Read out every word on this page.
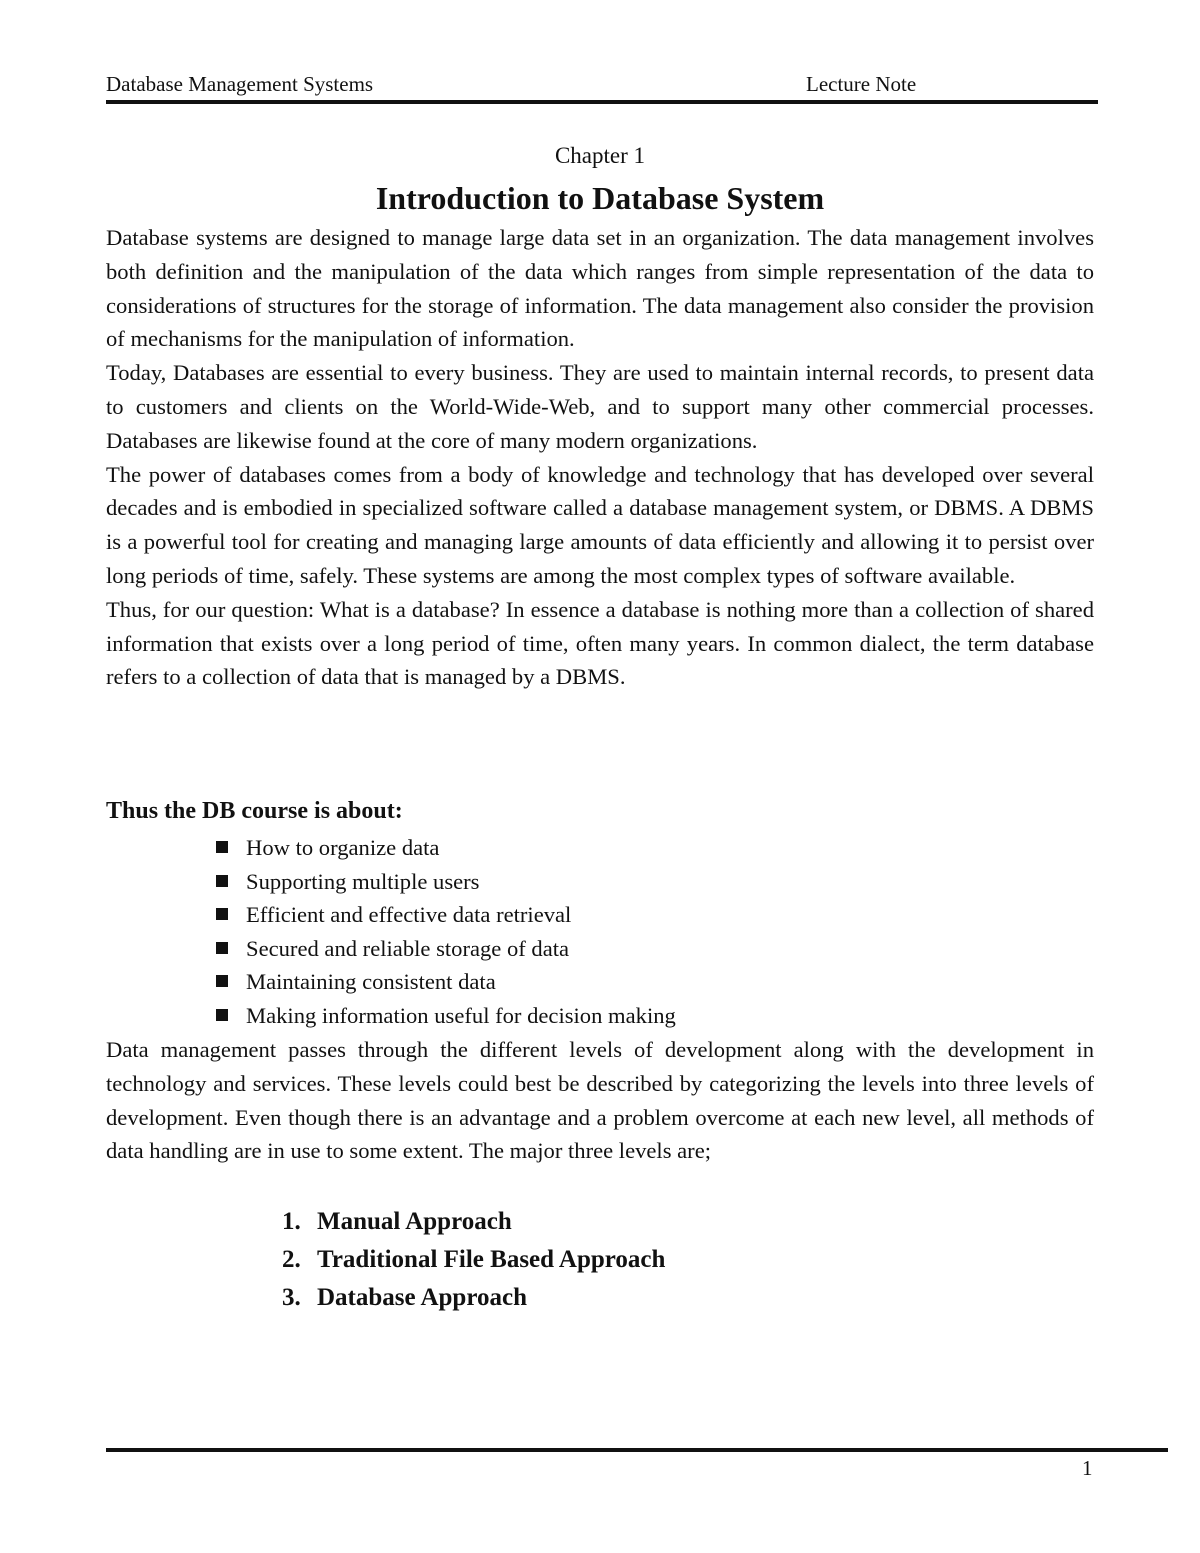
Database Management Systems	Lecture Note
Chapter 1
Introduction to Database System

Database systems are designed to manage large data set in an organization. The data management involves both definition and the manipulation of the data which ranges from simple representation of the data to considerations of structures for the storage of information. The data management also consider the provision of mechanisms for the manipulation of information.

Today, Databases are essential to every business. They are used to maintain internal records, to present data to customers and clients on the World-Wide-Web, and to support many other commercial processes. Databases are likewise found at the core of many modern organizations.

The power of databases comes from a body of knowledge and technology that has developed over several decades and is embodied in specialized software called a database management system, or DBMS. A DBMS is a powerful tool for creating and managing large amounts of data efficiently and allowing it to persist over long periods of time, safely. These systems are among the most complex types of software available.

Thus, for our question: What is a database? In essence a database is nothing more than a collection of shared information that exists over a long period of time, often many years. In common dialect, the term database refers to a collection of data that is managed by a DBMS.

Thus the DB course is about:
How to organize data
Supporting multiple users
Efficient and effective data retrieval
Secured and reliable storage of data
Maintaining consistent data
Making information useful for decision making

Data management passes through the different levels of development along with the development in technology and services. These levels could best be described by categorizing the levels into three levels of development. Even though there is an advantage and a problem overcome at each new level, all methods of data handling are in use to some extent. The major three levels are;

1. Manual Approach
2. Traditional File Based Approach
3. Database Approach
1
